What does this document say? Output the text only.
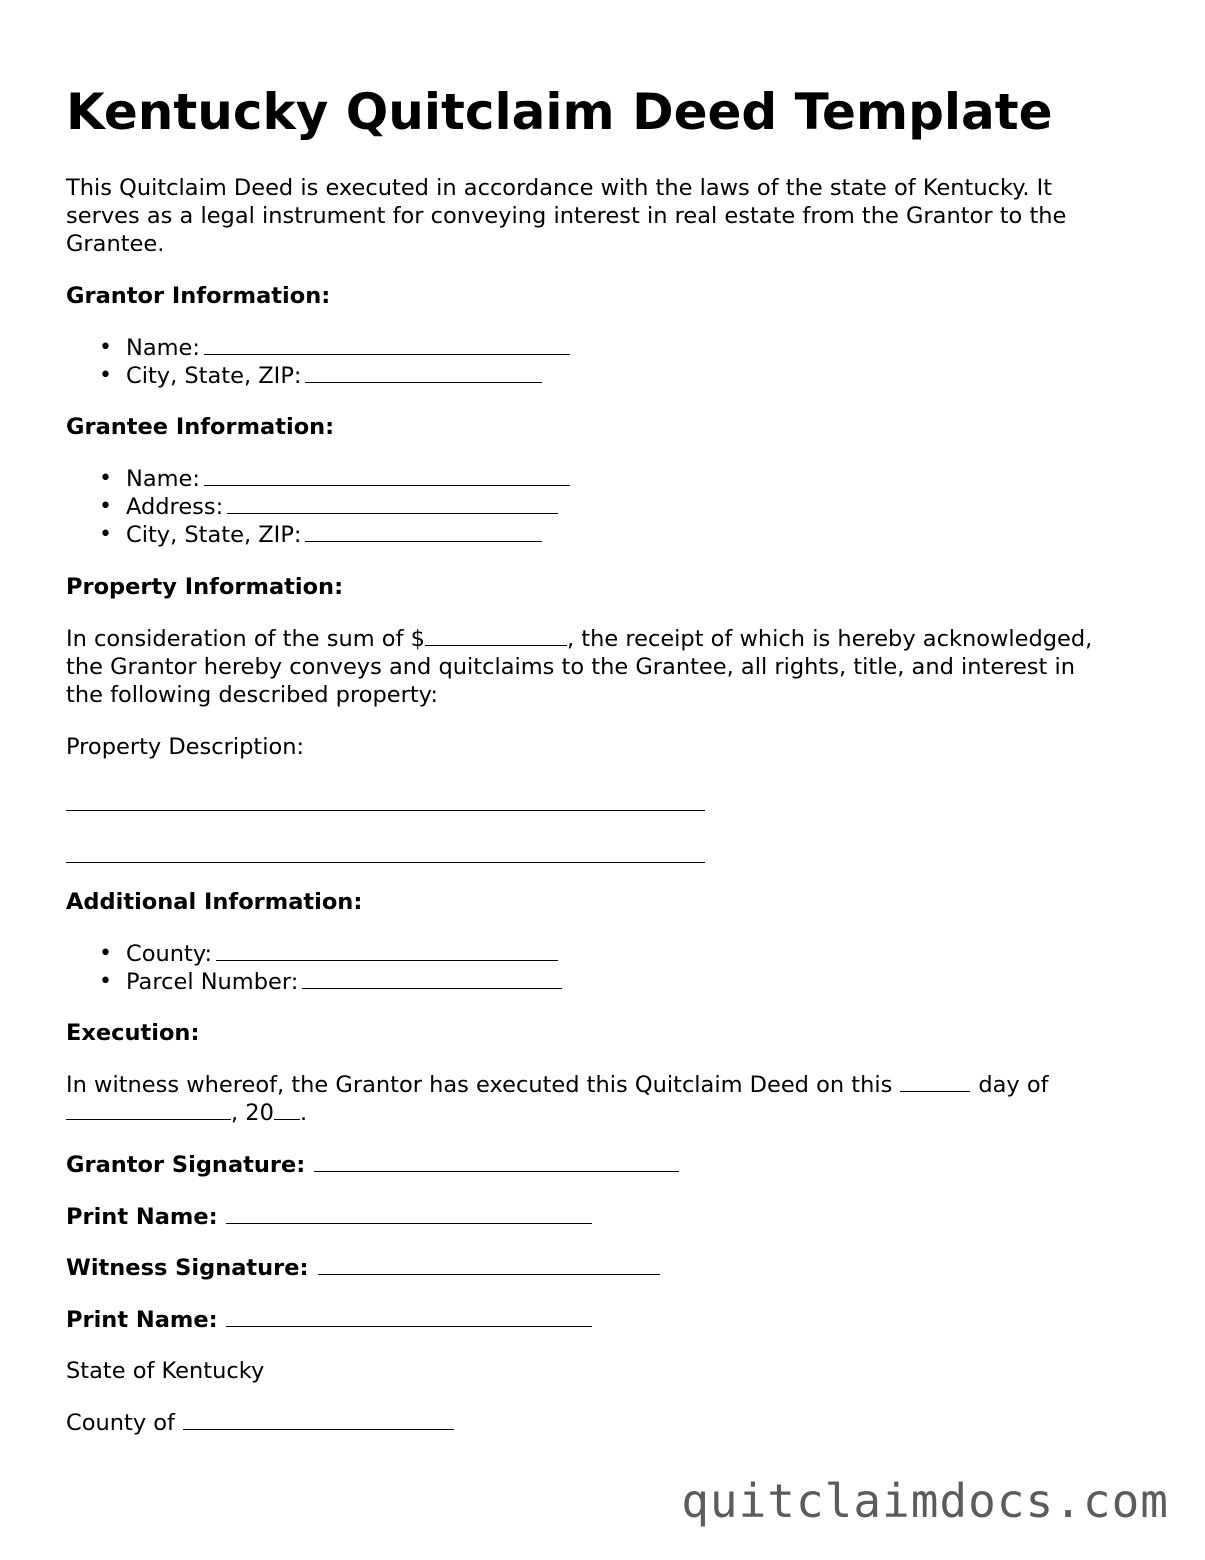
Kentucky Quitclaim Deed Template
This Quitclaim Deed is executed in accordance with the laws of the state of Kentucky. It
serves as a legal instrument for conveying interest in real estate from the Grantor to the
Grantee.
Grantor Information:
• Name:
• City, State, ZIP:
Grantee Information:
• Name:
• Address:
• City, State, ZIP:
Property Information:
In consideration of the sum of $	, the receipt of which is hereby acknowledged,
the Grantor hereby conveys and quitclaims to the Grantee, all rights, title, and interest in
the following described property:
Property Description:
Additional Information:
• County:
• Parcel Number:
Execution:
In witness whereof, the Grantor has executed this Quitclaim Deed on this	day of
, 20 .
Grantor Signature:
Print Name:
Witness Signature:
Print Name:
State of Kentucky
County of
quitclaimdocs.com
